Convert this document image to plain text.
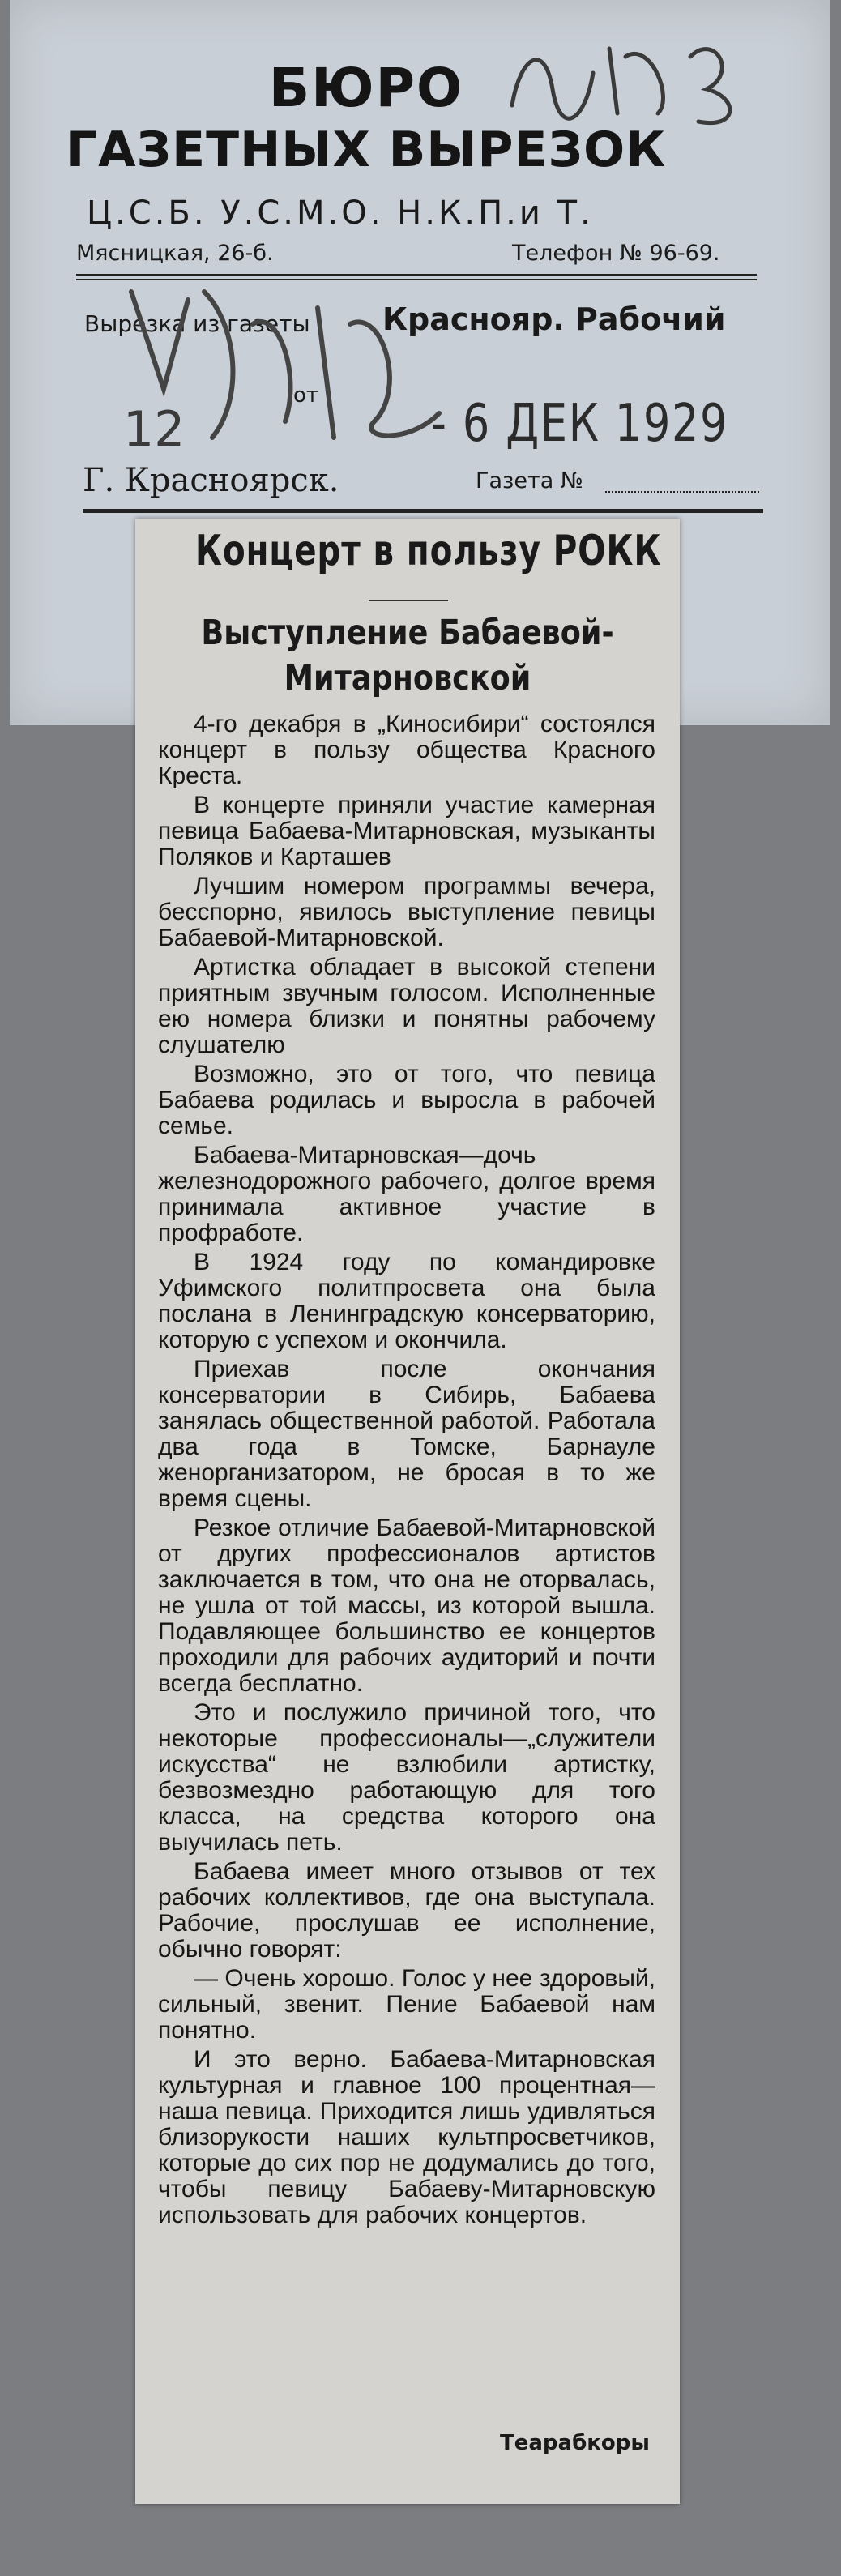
БЮРО
ГАЗЕТНЫХ ВЫРЕЗОК
Ц.С.Б. У.С.М.О. Н.К.П.и Т.
Мясницкая, 26-б.	Телефон № 96-69.
Вырезка из газеты Краснояр. Рабочий
от
12	- 6 ДЕК 1929
Г. Красноярск.	Газета №
Концерт в пользу РОКК
Выступление Бабаевой-Митарновской

4-го декабря в „Киносибири“ состоялся концерт в пользу общества Красного Креста.

В концерте приняли участие камерная певица Бабаева-Митарновская, музыканты Поляков и Карташев

Лучшим номером программы вечера, бесспорно, явилось выступление певицы Бабаевой-Митарновской.

Артистка обладает в высокой степени приятным звучным голосом. Исполненные ею номера близки и понятны рабочему слушателю

Возможно, это от того, что певица Бабаева родилась и выросла в рабочей семье.

Бабаева-Митарновская—дочь железнодорожного рабочего, долгое время принимала активное участие в профработе.

В 1924 году по командировке Уфимского политпросвета она была послана в Ленинградскую консерваторию, которую с успехом и окончила.

Приехав после окончания консерватории в Сибирь, Бабаева занялась общественной работой. Работала два года в Томске, Барнауле женорганизатором, не бросая в то же время сцены.

Резкое отличие Бабаевой-Митарновской от других профессионалов артистов заключается в том, что она не оторвалась, не ушла от той массы, из которой вышла. Подавляющее большинство ее концертов проходили для рабочих аудиторий и почти всегда бесплатно.

Это и послужило причиной того, что некоторые профессионалы—„служители искусства“ не взлюбили артистку, безвозмездно работающую для того класса, на средства которого она выучилась петь.

Бабаева имеет много отзывов от тех рабочих коллективов, где она выступала. Рабочие, прослушав ее исполнение, обычно говорят:

— Очень хорошо. Голос у нее здоровый, сильный, звенит. Пение Бабаевой нам понятно.

И это верно. Бабаева-Митарновская культурная и главное 100 процентная—наша певица. Приходится лишь удивляться близорукости наших культпросветчиков, которые до сих пор не додумались до того, чтобы певицу Бабаеву-Митарновскую использовать для рабочих концертов.

Теарабкоры
